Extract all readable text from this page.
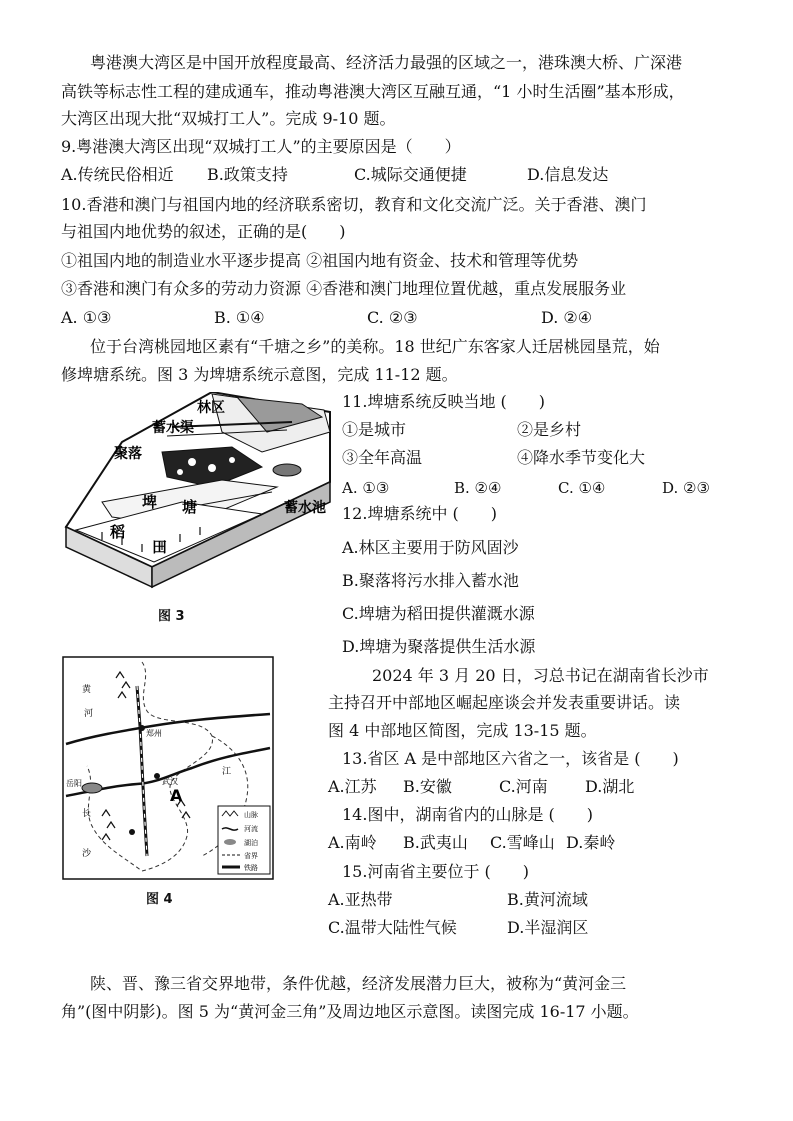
粤港澳大湾区是中国开放程度最高、经济活力最强的区域之一，港珠澳大桥、广深港
高铁等标志性工程的建成通车，推动粤港澳大湾区互融互通，“1 小时生活圈”基本形成，
大湾区出现大批“双城打工人”。完成 9-10 题。
9.粤港澳大湾区出现“双城打工人”的主要原因是（　　）
A.传统民俗相近 B.政策支持	C.城际交通便捷	D.信息发达
10.香港和澳门与祖国内地的经济联系密切，教育和文化交流广泛。关于香港、澳门
与祖国内地优势的叙述，正确的是(　　)
①祖国内地的制造业水平逐步提高 ②祖国内地有资金、技术和管理等优势
③香港和澳门有众多的劳动力资源 ④香港和澳门地理位置优越，重点发展服务业
A. ①③	B. ①④	C. ②③	D. ②④
位于台湾桃园地区素有“千塘之乡”的美称。18 世纪广东客家人迁居桃园垦荒，始
修埤塘系统。图 3 为埤塘系统示意图，完成 11-12 题。
林区
蓄水渠
聚落
埤 塘	蓄水池
稻
田
图 3
11.埤塘系统反映当地 (　　)
①是城市	②是乡村
③全年高温	④降水季节变化大
A. ①③	B. ②④	C. ①④	D. ②③
12.埤塘系统中 (　　)
A.林区主要用于防风固沙
B.聚落将污水排入蓄水池
C.埤塘为稻田提供灌溉水源
D.埤塘为聚落提供生活水源
黄
河
郑州
武汉
A
岳阳
长
江
沙
山脉
河流
湖泊
省界
铁路
图 4
2024 年 3 月 20 日，习总书记在湖南省长沙市
主持召开中部地区崛起座谈会并发表重要讲话。读
图 4 中部地区简图，完成 13-15 题。
13.省区 A 是中部地区六省之一，该省是 (　　)
A.江苏 B.安徽	C.河南 D.湖北
14.图中，湖南省内的山脉是 (　　)
A.南岭 B.武夷山 C.雪峰山 D.秦岭
15.河南省主要位于 (　　)
A.亚热带	B.黄河流域
C.温带大陆性气候	D.半湿润区
陕、晋、豫三省交界地带，条件优越，经济发展潜力巨大，被称为“黄河金三
角”(图中阴影)。图 5 为“黄河金三角”及周边地区示意图。读图完成 16-17 小题。
